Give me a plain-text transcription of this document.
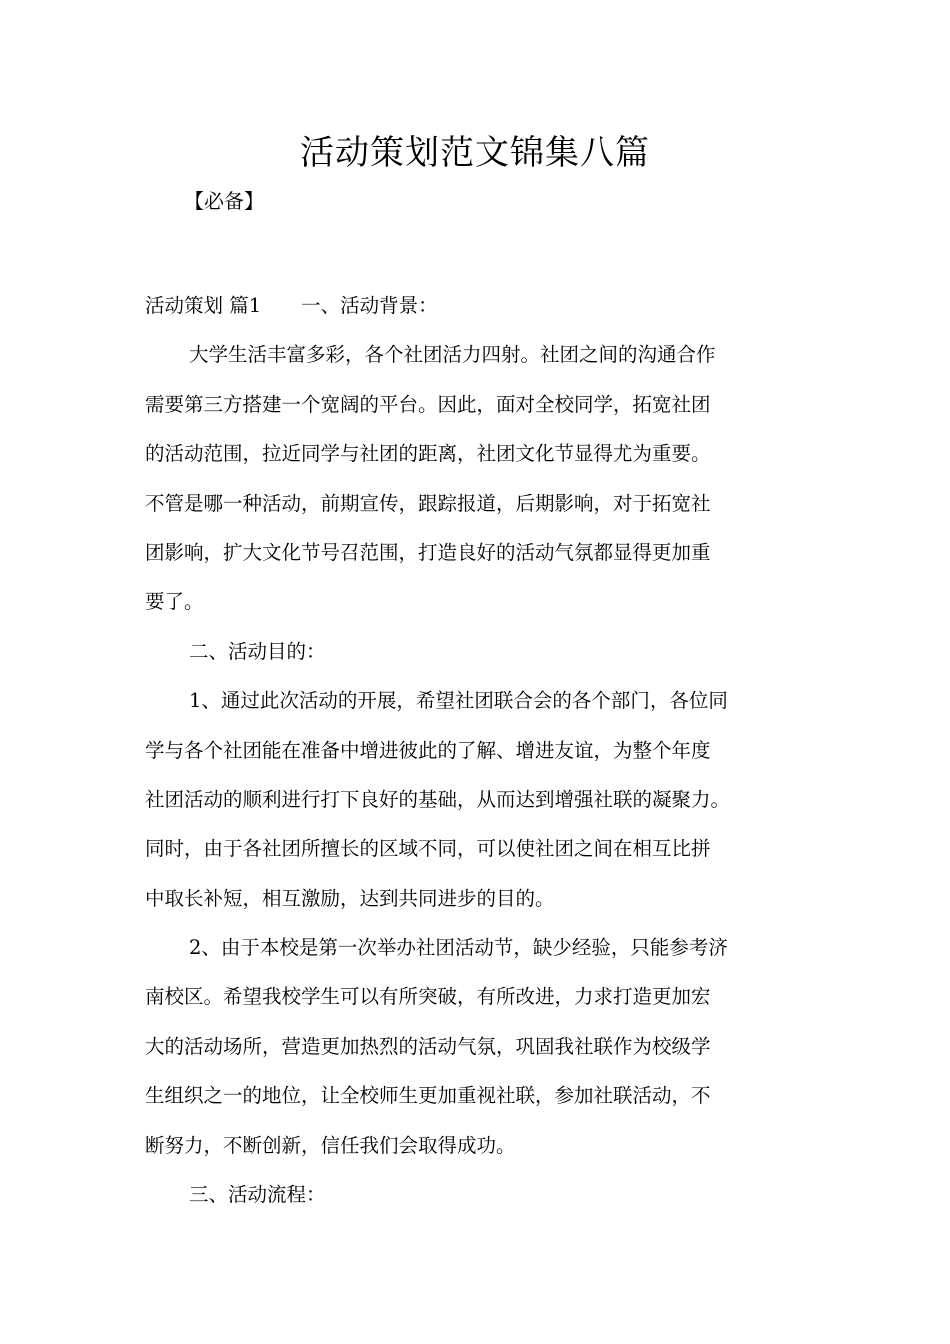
活动策划范文锦集八篇
【必备】
活动策划 篇1 一、活动背景：
大学生活丰富多彩，各个社团活力四射。社团之间的沟通合作
需要第三方搭建一个宽阔的平台。因此，面对全校同学，拓宽社团
的活动范围，拉近同学与社团的距离，社团文化节显得尤为重要。
不管是哪一种活动，前期宣传，跟踪报道，后期影响，对于拓宽社
团影响，扩大文化节号召范围，打造良好的活动气氛都显得更加重
要了。
二、活动目的：
1、通过此次活动的开展，希望社团联合会的各个部门，各位同
学与各个社团能在准备中增进彼此的了解、增进友谊，为整个年度
社团活动的顺利进行打下良好的基础，从而达到增强社联的凝聚力。
同时，由于各社团所擅长的区域不同，可以使社团之间在相互比拼
中取长补短，相互激励，达到共同进步的目的。
2、由于本校是第一次举办社团活动节，缺少经验，只能参考济
南校区。希望我校学生可以有所突破，有所改进，力求打造更加宏
大的活动场所，营造更加热烈的活动气氛，巩固我社联作为校级学
生组织之一的地位，让全校师生更加重视社联，参加社联活动，不
断努力，不断创新，信任我们会取得成功。
三、活动流程：
